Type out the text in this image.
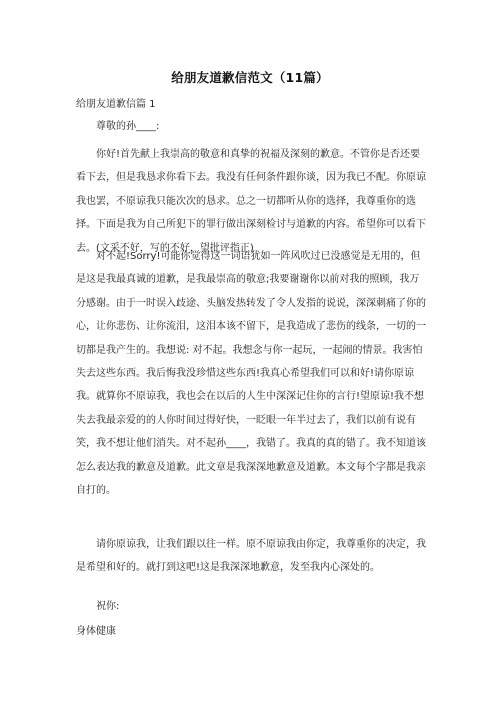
给朋友道歉信范文（11篇）
给朋友道歉信篇 1
尊敬的孙____:

你好!首先献上我崇高的敬意和真挚的祝福及深刻的歉意。不管你是否还要看下去，但是我恳求你看下去。我没有任何条件跟你谈，因为我已不配。你原谅我也罢，不原谅我只能次次的恳求。总之一切都听从你的选择，我尊重你的选择。下面是我为自己所犯下的罪行做出深刻检讨与道歉的内容。希望你可以看下去。(文采不好，写的不好，望批评指正)

对不起!Sorry!可能你觉得这一词语犹如一阵风吹过已没感觉是无用的，但是这是我最真诚的道歉，是我最崇高的敬意;我要谢谢你以前对我的照顾，我万分感谢。由于一时误入歧途、头脑发热转发了令人发指的说说，深深刺痛了你的心，让你悲伤、让你流泪，这泪本该不留下，是我造成了悲伤的线条，一切的一切都是我产生的。我想说: 对不起。我想念与你一起玩，一起闹的情景。我害怕失去这些东西。我后悔我没珍惜这些东西!我真心希望我们可以和好!请你原谅我。就算你不原谅我，我也会在以后的人生中深深记住你的言行!望原谅!我不想失去我最亲爱的的人你时间过得好快，一眨眼一年半过去了，我们以前有说有笑，我不想让他们消失。对不起孙____，我错了。我真的真的错了。我不知道该怎么表达我的歉意及道歉。此文章是我深深地歉意及道歉。本文每个字都是我亲自打的。

请你原谅我，让我们跟以往一样。原不原谅我由你定，我尊重你的决定，我是希望和好的。就打到这吧!这是我深深地歉意，发至我内心深处的。

祝你:
身体健康
